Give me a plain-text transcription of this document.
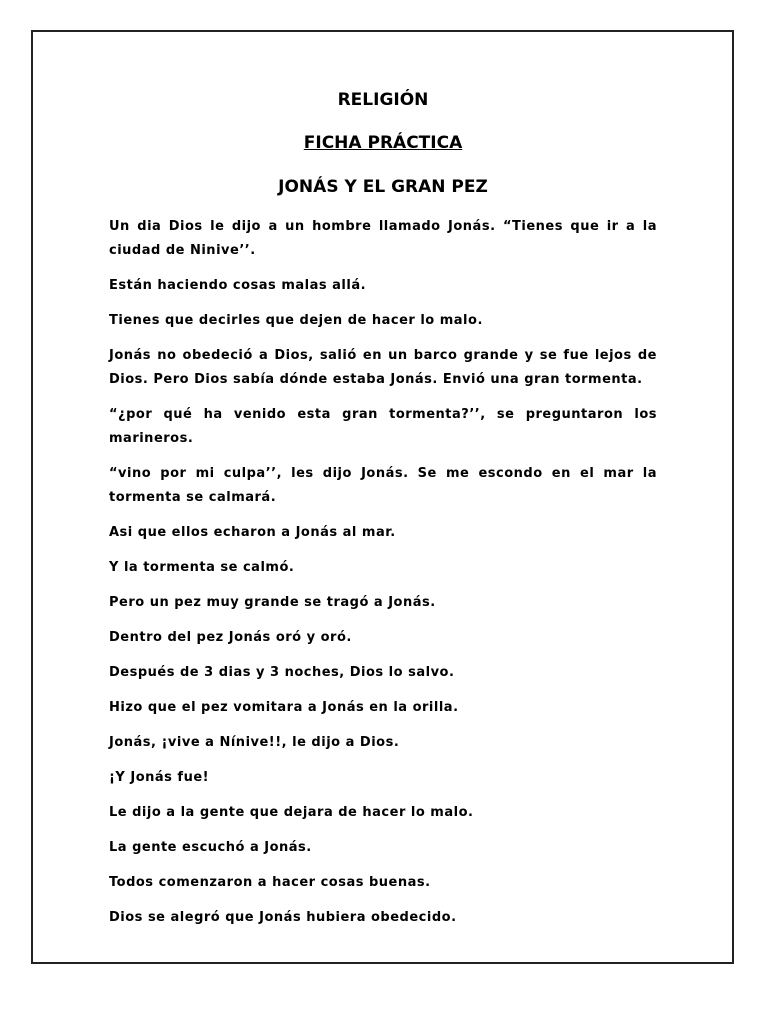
RELIGIÓN
FICHA PRÁCTICA
JONÁS Y EL GRAN PEZ

Un dia Dios le dijo a un hombre llamado Jonás. “Tienes que ir a la ciudad de Ninive’’.

Están haciendo cosas malas allá.

Tienes que decirles que dejen de hacer lo malo.

Jonás no obedeció a Dios, salió en un barco grande y se fue lejos de Dios. Pero Dios sabía dónde estaba Jonás. Envió una gran tormenta.

“¿por qué ha venido esta gran tormenta?’’, se preguntaron los marineros.

“vino por mi culpa’’, les dijo Jonás. Se me escondo en el mar la tormenta se calmará.

Asi que ellos echaron a Jonás al mar.

Y la tormenta se calmó.

Pero un pez muy grande se tragó a Jonás.

Dentro del pez Jonás oró y oró.

Después de 3 dias y 3 noches, Dios lo salvo.

Hizo que el pez vomitara a Jonás en la orilla.

Jonás, ¡vive a Nínive!!, le dijo a Dios.

¡Y Jonás fue!

Le dijo a la gente que dejara de hacer lo malo.

La gente escuchó a Jonás.

Todos comenzaron a hacer cosas buenas.

Dios se alegró que Jonás hubiera obedecido.
